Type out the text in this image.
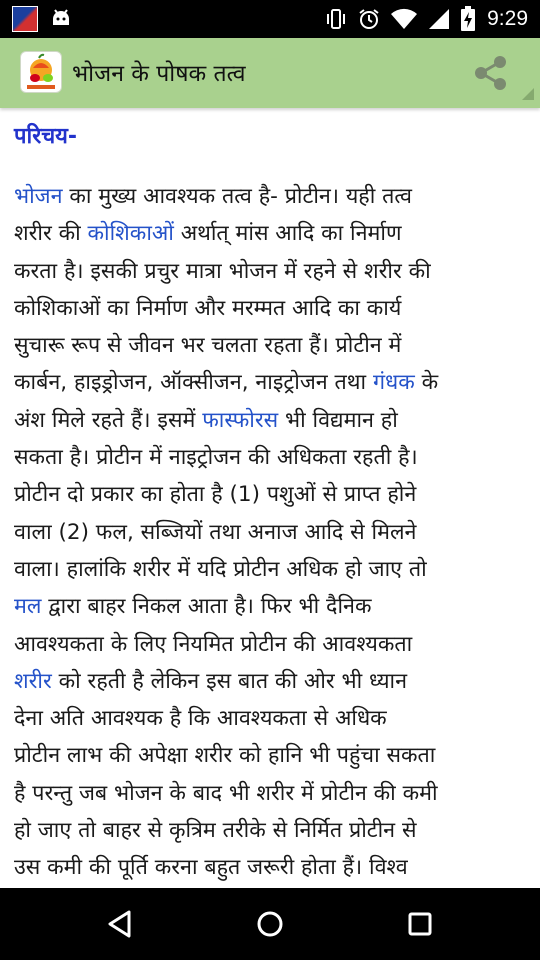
9:29
भोजन के पोषक तत्व
परिचय-
भोजन का मुख्य आवश्यक तत्व है- प्रोटीन। यही तत्व
शरीर की कोशिकाओं अर्थात् मांस आदि का निर्माण
करता है। इसकी प्रचुर मात्रा भोजन में रहने से शरीर की
कोशिकाओं का निर्माण और मरम्मत आदि का कार्य
सुचारू रूप से जीवन भर चलता रहता हैं। प्रोटीन में
कार्बन, हाइड्रोजन, ऑक्सीजन, नाइट्रोजन तथा गंधक के
अंश मिले रहते हैं। इसमें फास्फोरस भी विद्यमान हो
सकता है। प्रोटीन में नाइट्रोजन की अधिकता रहती है।
प्रोटीन दो प्रकार का होता है (1) पशुओं से प्राप्त होने
वाला (2) फल, सब्जियों तथा अनाज आदि से मिलने
वाला। हालांकि शरीर में यदि प्रोटीन अधिक हो जाए तो
मल द्वारा बाहर निकल आता है। फिर भी दैनिक
आवश्यकता के लिए नियमित प्रोटीन की आवश्यकता
शरीर को रहती है लेकिन इस बात की ओर भी ध्यान
देना अति आवश्यक है कि आवश्यकता से अधिक
प्रोटीन लाभ की अपेक्षा शरीर को हानि भी पहुंचा सकता
है परन्तु जब भोजन के बाद भी शरीर में प्रोटीन की कमी
हो जाए तो बाहर से कृत्रिम तरीके से निर्मित प्रोटीन से
उस कमी की पूर्ति करना बहुत जरूरी होता हैं। विश्व
